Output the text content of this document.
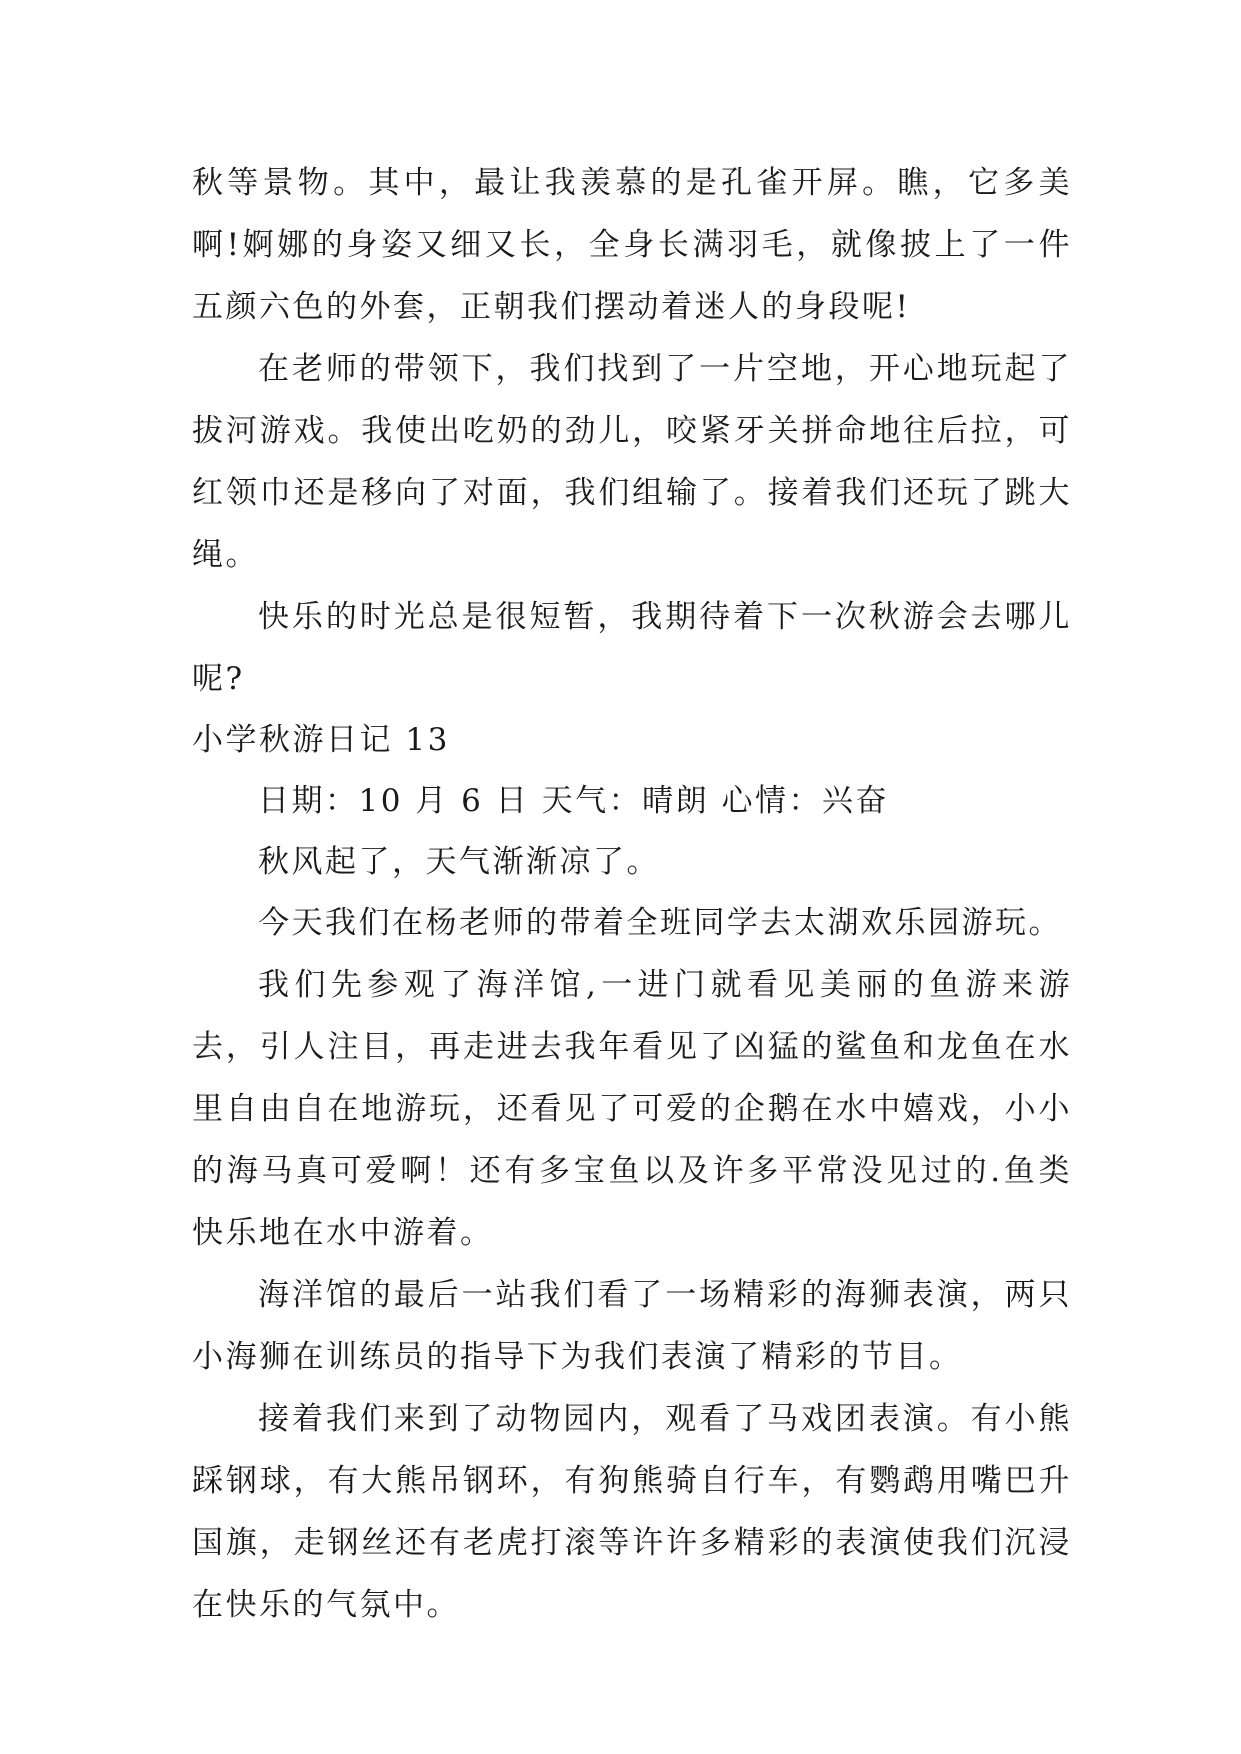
秋等景物。其中，最让我羡慕的是孔雀开屏。瞧，它多美啊!婀娜的身姿又细又长，全身长满羽毛，就像披上了一件五颜六色的外套，正朝我们摆动着迷人的身段呢!

在老师的带领下，我们找到了一片空地，开心地玩起了拔河游戏。我使出吃奶的劲儿，咬紧牙关拼命地往后拉，可红领巾还是移向了对面，我们组输了。接着我们还玩了跳大绳。

快乐的时光总是很短暂，我期待着下一次秋游会去哪儿呢?

小学秋游日记 13

日期：10 月 6 日 天气：晴朗 心情：兴奋

秋风起了，天气渐渐凉了。

今天我们在杨老师的带着全班同学去太湖欢乐园游玩。

我们先参观了海洋馆,一进门就看见美丽的鱼游来游去，引人注目，再走进去我年看见了凶猛的鲨鱼和龙鱼在水里自由自在地游玩，还看见了可爱的企鹅在水中嬉戏，小小的海马真可爱啊！还有多宝鱼以及许多平常没见过的.鱼类快乐地在水中游着。

海洋馆的最后一站我们看了一场精彩的海狮表演，两只小海狮在训练员的指导下为我们表演了精彩的节目。

接着我们来到了动物园内，观看了马戏团表演。有小熊踩钢球，有大熊吊钢环，有狗熊骑自行车，有鹦鹉用嘴巴升国旗，走钢丝还有老虎打滚等许许多精彩的表演使我们沉浸在快乐的气氛中。
